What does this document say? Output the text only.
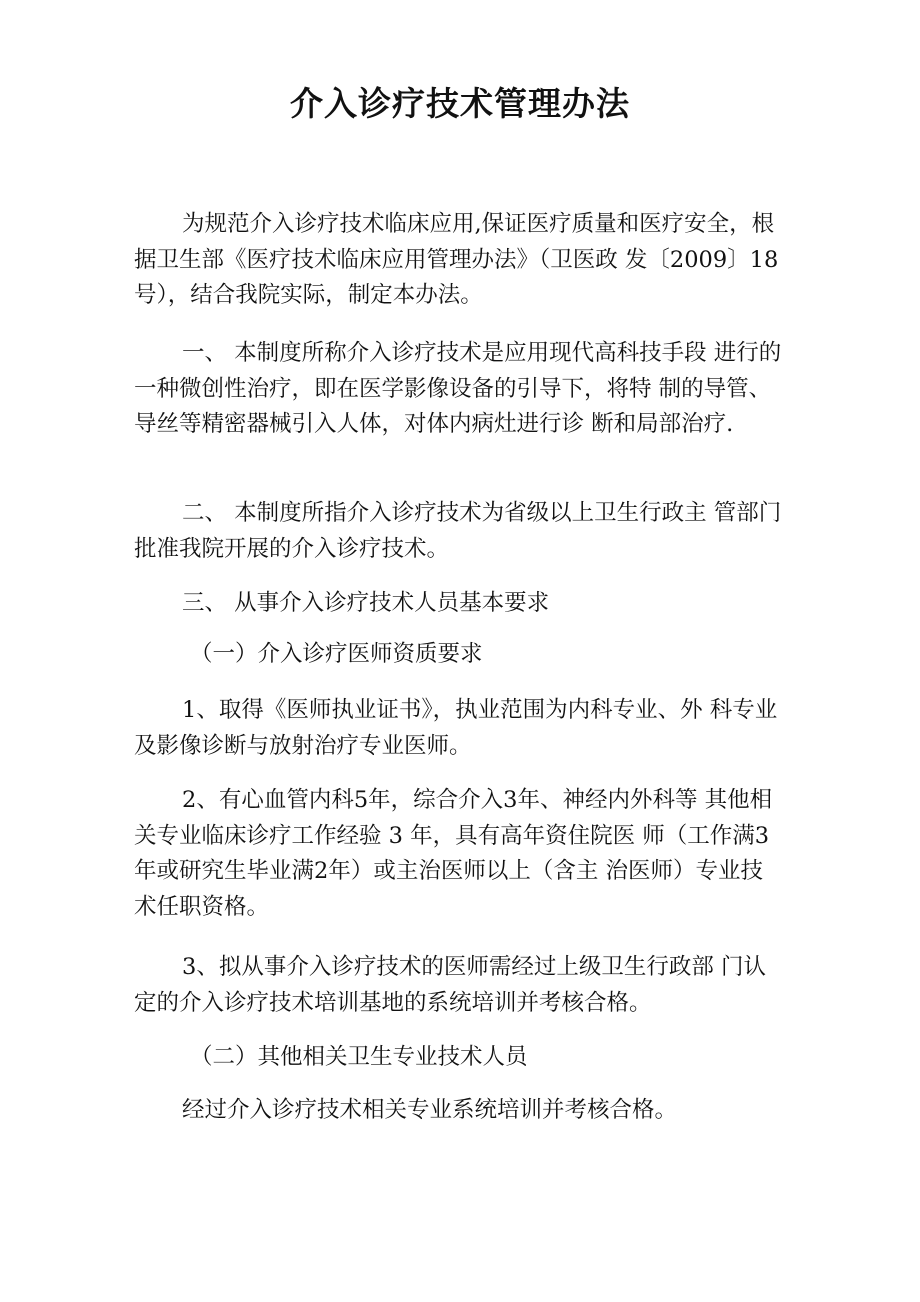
介入诊疗技术管理办法

为规范介入诊疗技术临床应用,保证医疗质量和医疗安全，根据卫生部《医疗技术临床应用管理办法》（卫医政 发〔2009〕18号），结合我院实际，制定本办法。

一、 本制度所称介入诊疗技术是应用现代高科技手段 进行的一种微创性治疗，即在医学影像设备的引导下，将特 制的导管、导丝等精密器械引入人体，对体内病灶进行诊 断和局部治疗.

二、 本制度所指介入诊疗技术为省级以上卫生行政主 管部门批准我院开展的介入诊疗技术。

三、 从事介入诊疗技术人员基本要求

（一）介入诊疗医师资质要求

1、取得《医师执业证书》，执业范围为内科专业、外 科专业及影像诊断与放射治疗专业医师。

2、有心血管内科5年，综合介入3年、神经内外科等 其他相关专业临床诊疗工作经验 3 年，具有高年资住院医 师（工作满3年或研究生毕业满2年）或主治医师以上（含主 治医师）专业技术任职资格。

3、拟从事介入诊疗技术的医师需经过上级卫生行政部 门认定的介入诊疗技术培训基地的系统培训并考核合格。

（二）其他相关卫生专业技术人员

经过介入诊疗技术相关专业系统培训并考核合格。
